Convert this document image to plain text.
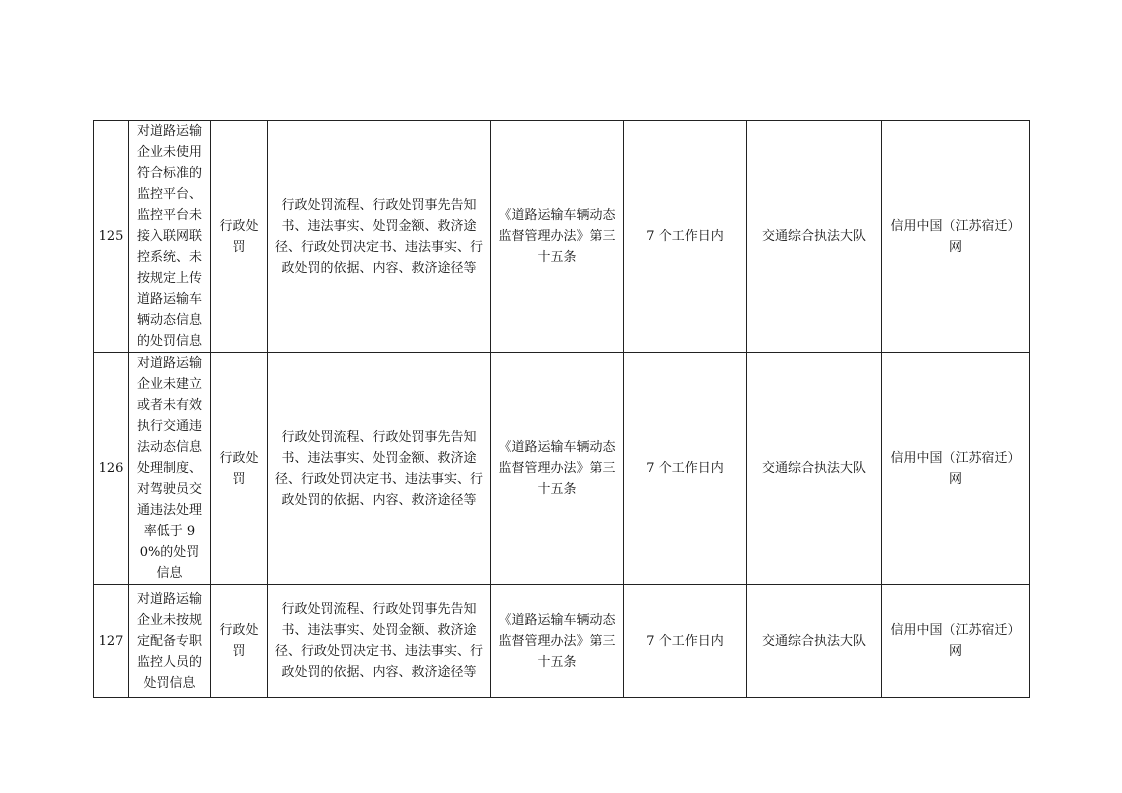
125	对道路运输企业未使用符合标准的监控平台、监控平台未接入联网联控系统、未按规定上传道路运输车辆动态信息的处罚信息	行政处罚	行政处罚流程、行政处罚事先告知书、违法事实、处罚金额、救济途径、行政处罚决定书、违法事实、行政处罚的依据、内容、救济途径等	《道路运输车辆动态监督管理办法》第三十五条	7 个工作日内	交通综合执法大队	信用中国（江苏宿迁）网

126	对道路运输企业未建立或者未有效执行交通违法动态信息处理制度、对驾驶员交通违法处理率低于 90%的处罚信息	行政处罚	行政处罚流程、行政处罚事先告知书、违法事实、处罚金额、救济途径、行政处罚决定书、违法事实、行政处罚的依据、内容、救济途径等	《道路运输车辆动态监督管理办法》第三十五条	7 个工作日内	交通综合执法大队	信用中国（江苏宿迁）网

127	对道路运输企业未按规定配备专职监控人员的处罚信息	行政处罚	行政处罚流程、行政处罚事先告知书、违法事实、处罚金额、救济途径、行政处罚决定书、违法事实、行政处罚的依据、内容、救济途径等	《道路运输车辆动态监督管理办法》第三十五条	7 个工作日内	交通综合执法大队	信用中国（江苏宿迁）网
